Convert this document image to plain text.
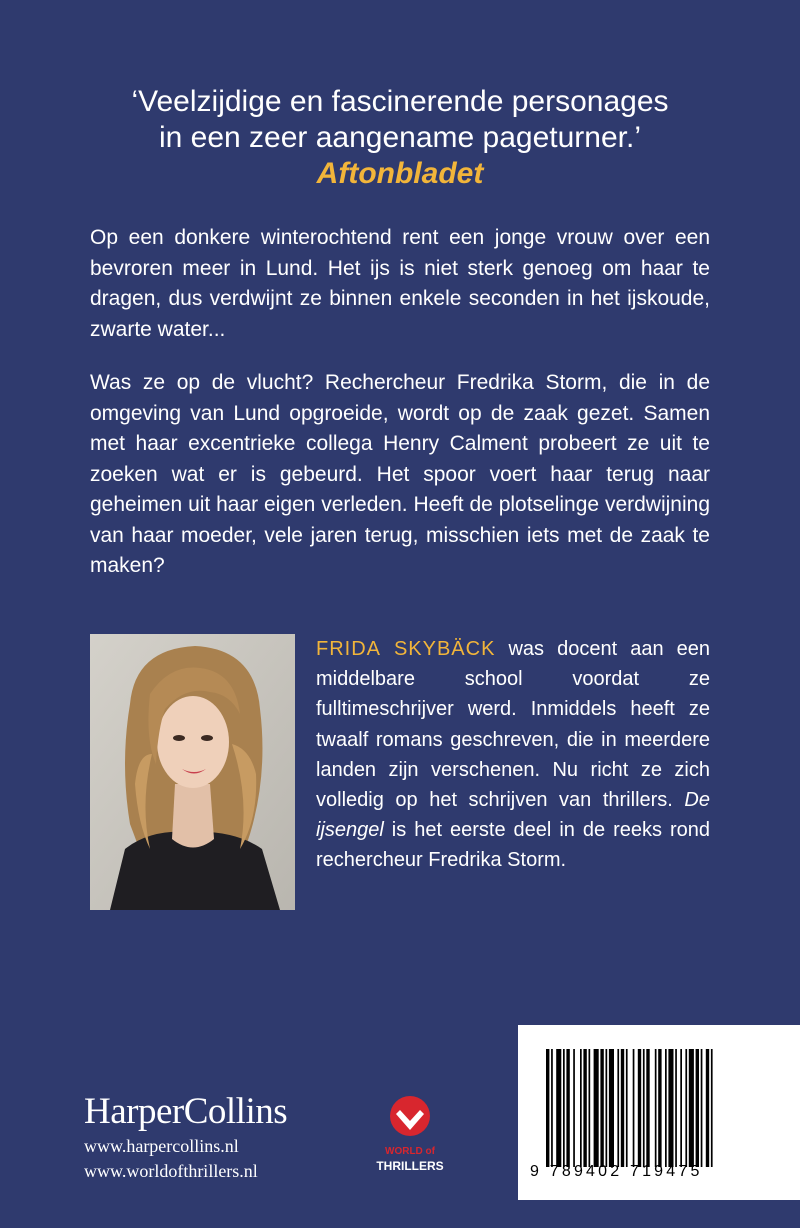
‘Veelzijdige en fascinerende personages
in een zeer aangename pageturner.’
Aftonbladet
Op een donkere winterochtend rent een jonge vrouw over een bevroren meer in Lund. Het ijs is niet sterk genoeg om haar te dragen, dus verdwijnt ze binnen enkele seconden in het ijskoude, zwarte water...
Was ze op de vlucht? Rechercheur Fredrika Storm, die in de omgeving van Lund opgroeide, wordt op de zaak gezet. Samen met haar excentrieke collega Henry Calment probeert ze uit te zoeken wat er is gebeurd. Het spoor voert haar terug naar geheimen uit haar eigen verleden. Heeft de plotselinge verdwijning van haar moeder, vele jaren terug, misschien iets met de zaak te maken?
FRIDA SKYBÄCK was docent aan een middelbare school voordat ze fulltimeschrijver werd. Inmiddels heeft ze twaalf romans geschreven, die in meerdere landen zijn verschenen. Nu richt ze zich volledig op het schrijven van thrillers. De ijsengel is het eerste deel in de reeks rond rechercheur Fredrika Storm.
HarperCollins
www.harpercollins.nl
www.worldofthrillers.nl
WORLD of
THRILLERS	9 789402 719475
